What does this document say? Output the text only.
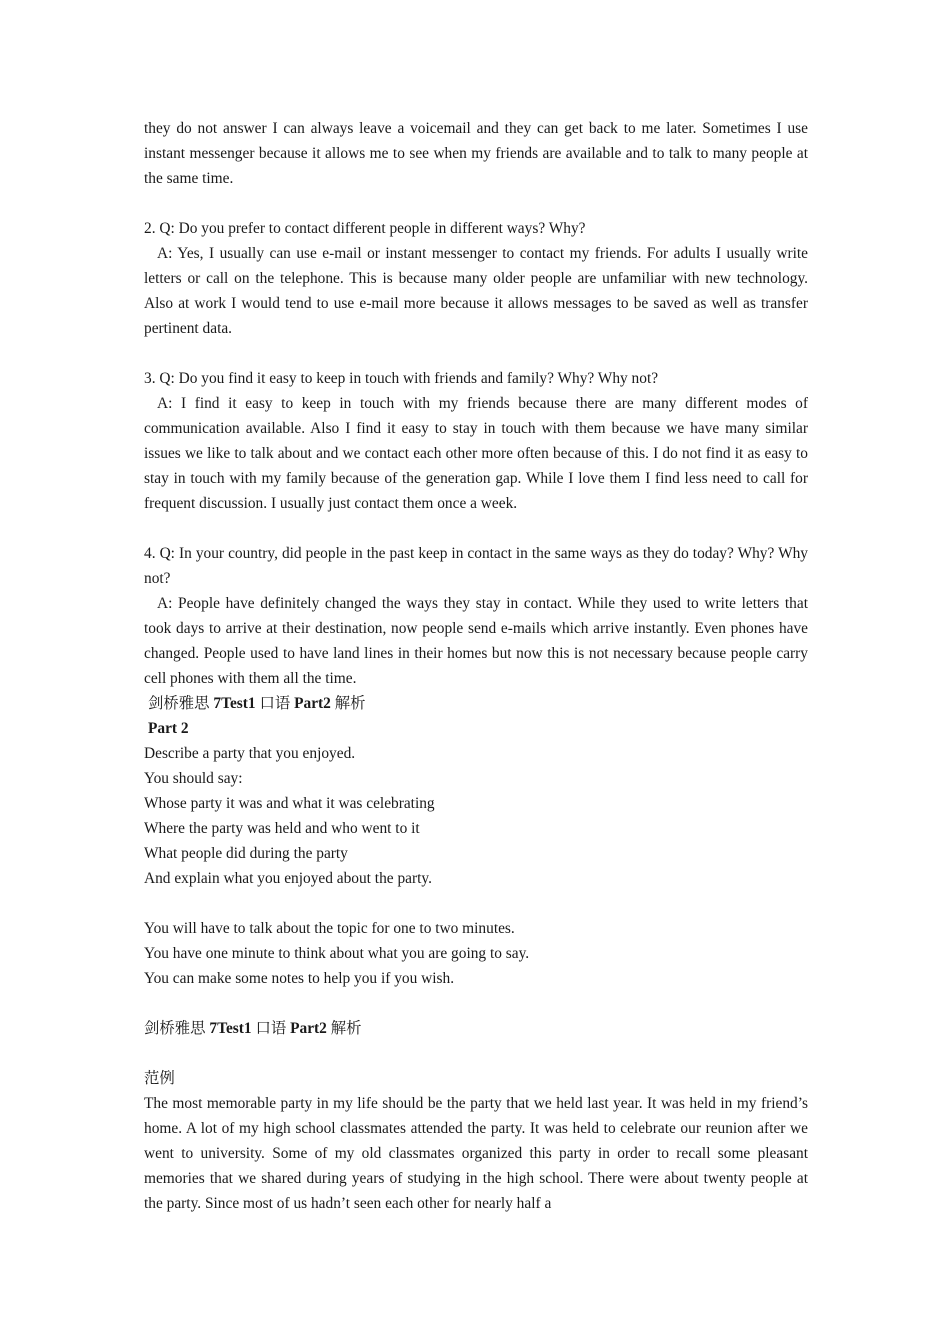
they do not answer I can always leave a voicemail and they can get back to me later. Sometimes I use instant messenger because it allows me to see when my friends are available and to talk to many people at the same time.

2. Q: Do you prefer to contact different people in different ways? Why?

A: Yes, I usually can use e-mail or instant messenger to contact my friends. For adults I usually write letters or call on the telephone. This is because many older people are unfamiliar with new technology. Also at work I would tend to use e-mail more because it allows messages to be saved as well as transfer pertinent data.

3. Q: Do you find it easy to keep in touch with friends and family? Why? Why not?

A: I find it easy to keep in touch with my friends because there are many different modes of communication available. Also I find it easy to stay in touch with them because we have many similar issues we like to talk about and we contact each other more often because of this. I do not find it as easy to stay in touch with my family because of the generation gap. While I love them I find less need to call for frequent discussion. I usually just contact them once a week.

4. Q: In your country, did people in the past keep in contact in the same ways as they do today? Why? Why not?

A: People have definitely changed the ways they stay in contact. While they used to write letters that took days to arrive at their destination, now people send e-mails which arrive instantly. Even phones have changed. People used to have land lines in their homes but now this is not necessary because people carry cell phones with them all the time.

剑桥雅思 7Test1 口语 Part2 解析

Part 2

Describe a party that you enjoyed.

You should say:

Whose party it was and what it was celebrating

Where the party was held and who went to it

What people did during the party

And explain what you enjoyed about the party.

You will have to talk about the topic for one to two minutes.

You have one minute to think about what you are going to say.

You can make some notes to help you if you wish.

剑桥雅思 7Test1 口语 Part2 解析

范例

The most memorable party in my life should be the party that we held last year. It was held in my friend’s home. A lot of my high school classmates attended the party. It was held to celebrate our reunion after we went to university. Some of my old classmates organized this party in order to recall some pleasant memories that we shared during years of studying in the high school. There were about twenty people at the party. Since most of us hadn’t seen each other for nearly half a
